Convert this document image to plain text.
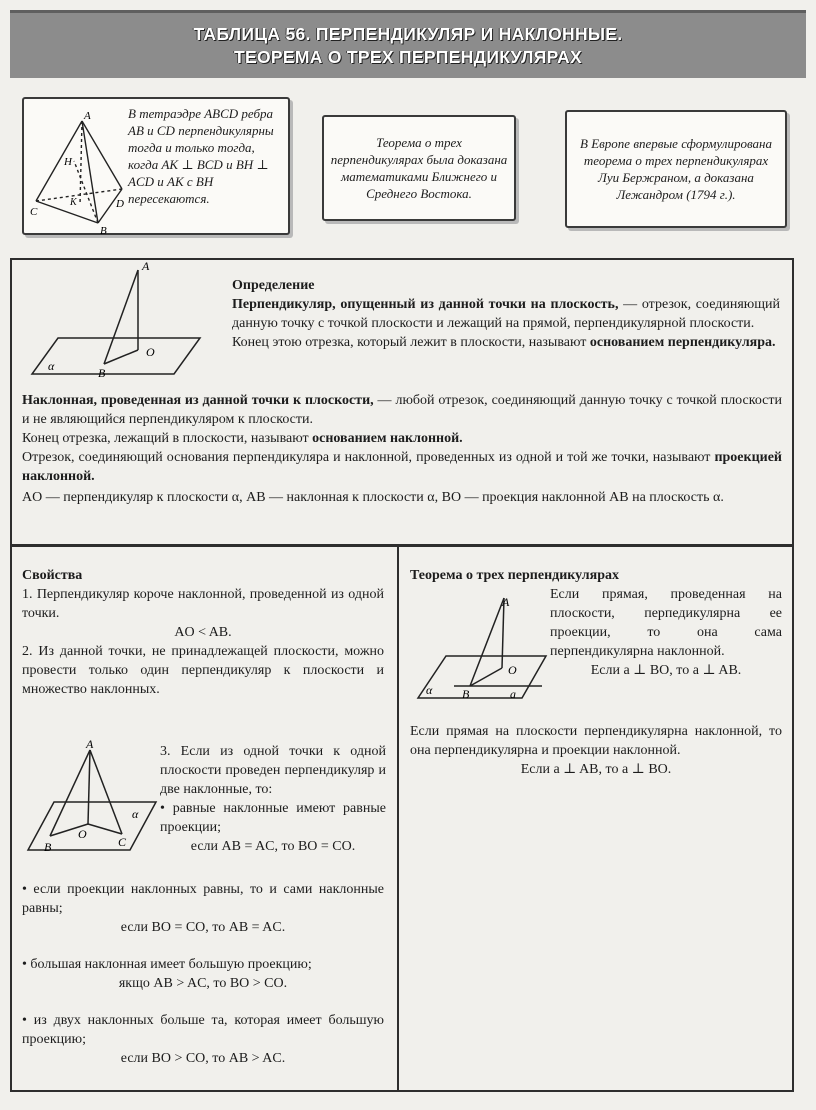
ТАБЛИЦА 56. ПЕРПЕНДИКУЛЯР И НАКЛОННЫЕ.
ТЕОРЕМА О ТРЕХ ПЕРПЕНДИКУЛЯРАХ
A
C
B
D
H
K
В тетраэдре ABCD ребра AB и CD перпендикулярны тогда и только тогда, когда AK ⊥ BCD и BH ⊥ ACD и AK с BH пересекаются.
Теорема о трех перпендикулярах была доказана математиками Ближнего и Среднего Востока.
В Европе впервые сформулирована теорема о трех перпендикулярах Луи Бержраном, а доказана Лежандром (1794 г.).
A
O
B
α

Определение

Перпендикуляр, опущенный из данной точки на плоскость, — отрезок, соединяющий данную точку с точкой плоскости и лежащий на прямой, перпендикулярной плоскости.

Конец этою отрезка, который лежит в плоскости, называют основанием перпендикуляра.

Наклонная, проведенная из данной точки к плоскости, — любой отрезок, соединяющий данную точку с точкой плоскости и не являющийся перпендикуляром к плоскости.

Конец отрезка, лежащий в плоскости, называют основанием наклонной.

Отрезок, соединяющий основания перпендикуляра и наклонной, проведенных из одной и той же точки, называют проекцией наклонной.

AO — перпендикуляр к плоскости α, AB — наклонная к плоскости α, BO — проекция наклонной AB на плоскость α.

Свойства

1. Перпендикуляр короче наклонной, проведенной из одной точки.

AO < AB.

2. Из данной точки, не принадлежащей плоскости, можно провести только один перпендикуляр к плоскости и множество наклонных.

A
O
B	C
α

3. Если из одной точки к одной плоскости проведен перпендикуляр и две наклонные, то:

• равные наклонные имеют равные проекции;

если AB = AC, то BO = CO.

• если проекции наклонных равны, то и сами наклонные равны;

если BO = CO, то AB = AC.

• большая наклонная имеет большую проекцию;

якщо AB > AC, то BO > CO.

• из двух наклонных больше та, которая имеет большую проекцию;

если BO > CO, то AB > AC.

Теорема о трех перпендикулярах

A
O
B	a
α

Если прямая, проведенная на плоскости, перпедикулярна ее проекции, то она сама перпендикулярна наклонной.

Если a ⊥ BO, то a ⊥ AB.

Если прямая на плоскости перпендикулярна наклонной, то она перпендикулярна и проекции наклонной.

Если a ⊥ AB, то a ⊥ BO.
